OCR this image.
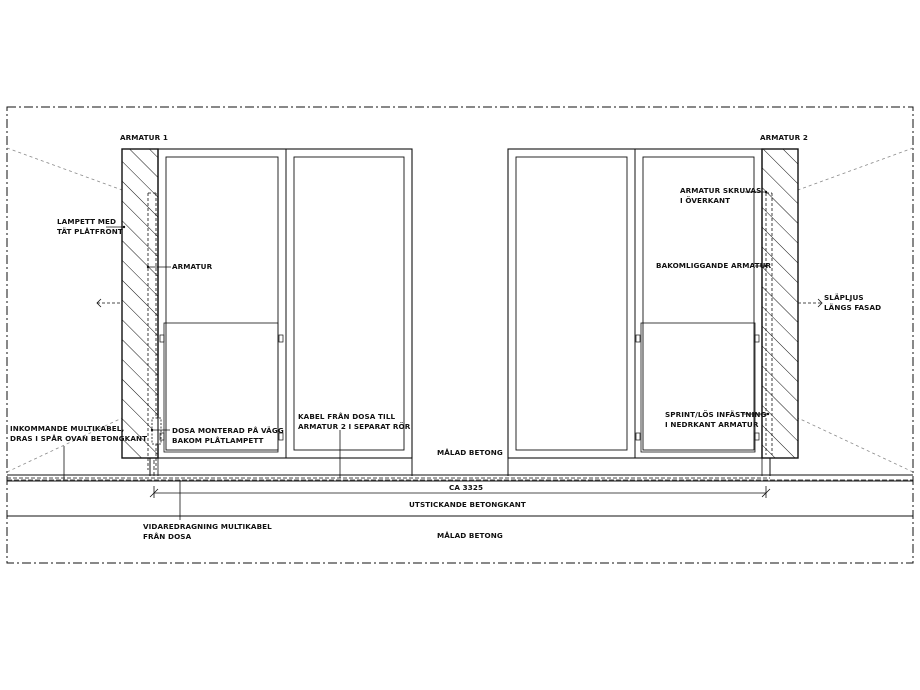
ARMATUR 1	ARMATUR 2
LAMPETT MED
TÄT PLÅTFRONT
ARMATUR
INKOMMANDE MULTIKABEL,
DRAS I SPÅR OVAN BETONGKANT
DOSA MONTERAD PÅ VÄGG
BAKOM PLÅTLAMPETT
KABEL FRÅN DOSA TILL
ARMATUR 2 I SEPARAT RÖR
MÅLAD BETONG
CA 3325
UTSTICKANDE BETONGKANT
VIDAREDRAGNING MULTIKABEL
FRÅN DOSA	MÅLAD BETONG
ARMATUR SKRUVAS
I ÖVERKANT
BAKOMLIGGANDE ARMATUR
SLÄPLJUS
LÄNGS FASAD
SPRINT/LÖS INFÄSTNING
I NEDRKANT ARMATUR
